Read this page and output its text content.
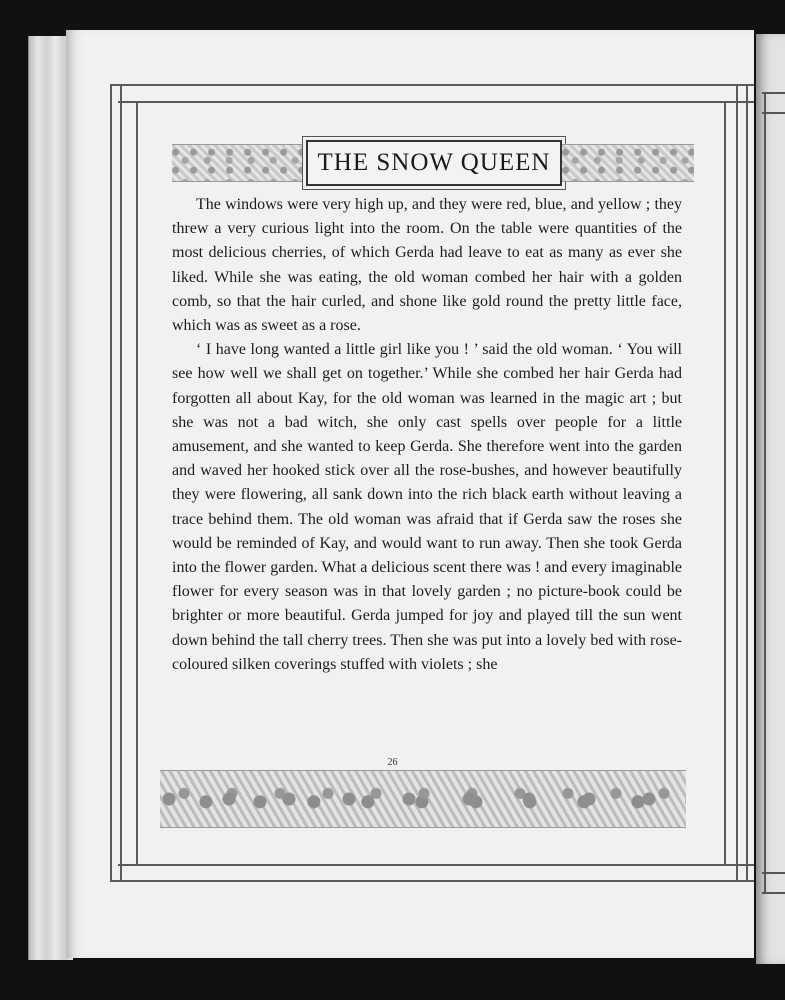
THE SNOW QUEEN

The windows were very high up, and they were red, blue, and yellow ; they threw a very curious light into the room. On the table were quantities of the most delicious cherries, of which Gerda had leave to eat as many as ever she liked. While she was eating, the old woman combed her hair with a golden comb, so that the hair curled, and shone like gold round the pretty little face, which was as sweet as a rose.

‘ I have long wanted a little girl like you ! ’ said the old woman. ‘ You will see how well we shall get on together.’ While she combed her hair Gerda had forgotten all about Kay, for the old woman was learned in the magic art ; but she was not a bad witch, she only cast spells over people for a little amusement, and she wanted to keep Gerda. She therefore went into the garden and waved her hooked stick over all the rose-bushes, and however beautifully they were flowering, all sank down into the rich black earth without leaving a trace behind them. The old woman was afraid that if Gerda saw the roses she would be reminded of Kay, and would want to run away. Then she took Gerda into the flower garden. What a delicious scent there was ! and every imaginable flower for every season was in that lovely garden ; no picture-book could be brighter or more beautiful. Gerda jumped for joy and played till the sun went down behind the tall cherry trees. Then she was put into a lovely bed with rose-coloured silken coverings stuffed with violets ; she

26
